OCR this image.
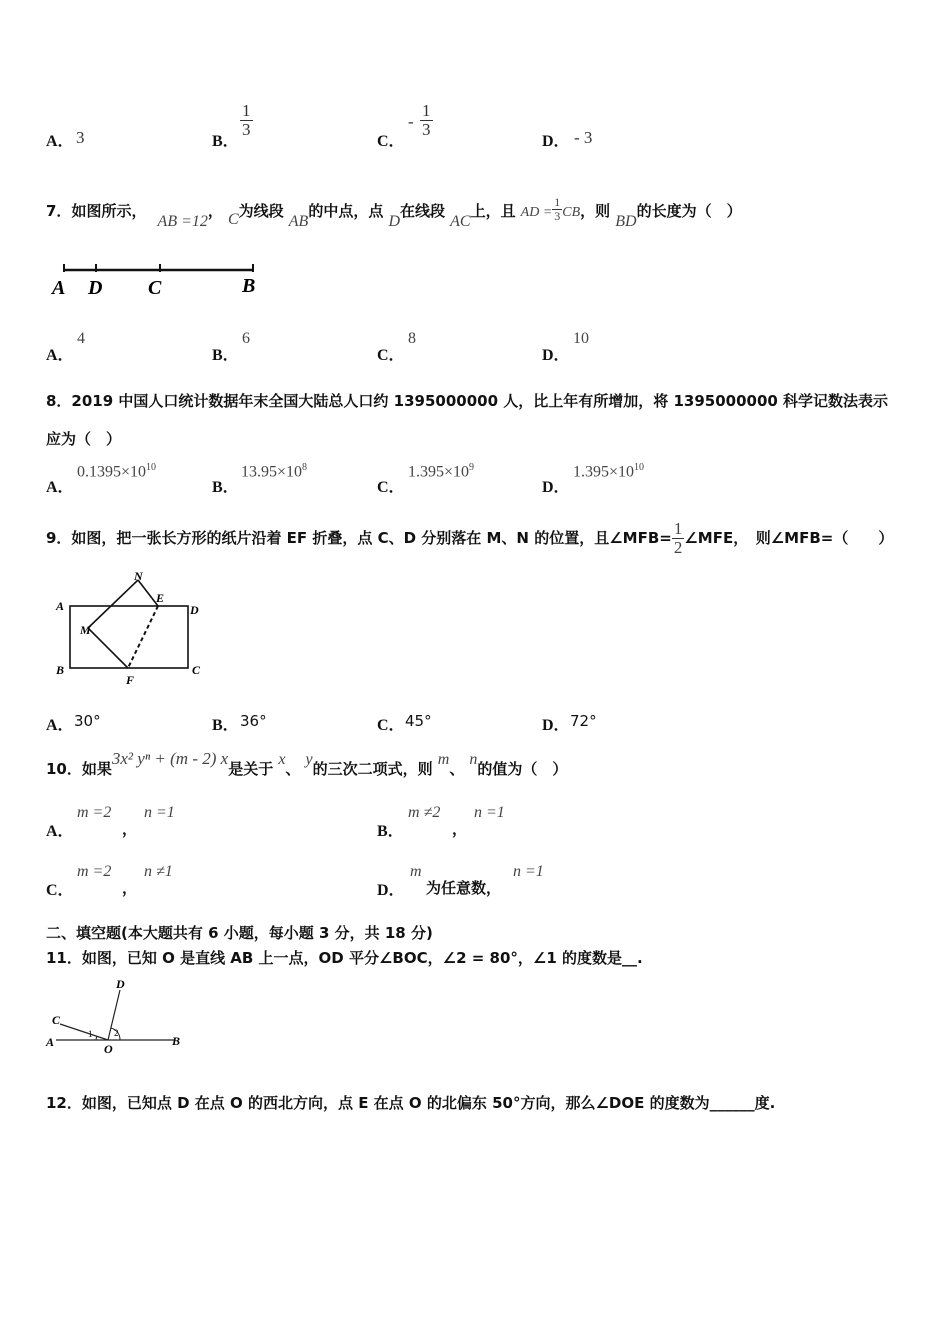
A． 3	B．
$\frac{1}{3}$
C．
- $\frac{1}{3}$
D． - 3
7．如图所示， AB =12， C为线段 AB的中点，点 D在线段 AC上，且 AD = $\frac{1}{3}$ CB，则 BD的长度为（　）
A D C	B
A．
4
B．
6
C．
8
D．
10
8．2019 中国人口统计数据年末全国大陆总人口约 1395000000 人，比上年有所增加，将 1395000000 科学记数法表示
应为（　）
A．
$0.1395\times 10^{10}$
B．
$13.95\times 10^8$
C．
$1.395\times 10^9$
D．
$1.395\times 10^{10}$
9．如图，把一张长方形的纸片沿着 EF 折叠，点 C、D 分别落在 M、N 的位置，且∠MFB= $\frac{1}{2}$ ∠MFE，　则∠MFB=（　　）
A
B	C
D
E
F
M
N
A． 30°	B． 36°	C． 45°	D． 72°
10．如果3x² yⁿ + (m - 2) x是关于 x、 y的三次二项式，则 m、 n的值为（　）
A．
m =2
，
n =1
B．
m ≠2
，
n =1
C．
m =2
，
n ≠1
D．
m
为任意数，
n =1
二、填空题(本大题共有 6 小题，每小题 3 分，共 18 分)
11．如图，已知 O 是直线 AB 上一点，OD 平分∠BOC，∠2 = 80°，∠1 的度数是__.
A	O
B
C
D
1 2
12．如图，已知点 D 在点 O 的西北方向，点 E 在点 O 的北偏东 50°方向，那么∠DOE 的度数为______度.
